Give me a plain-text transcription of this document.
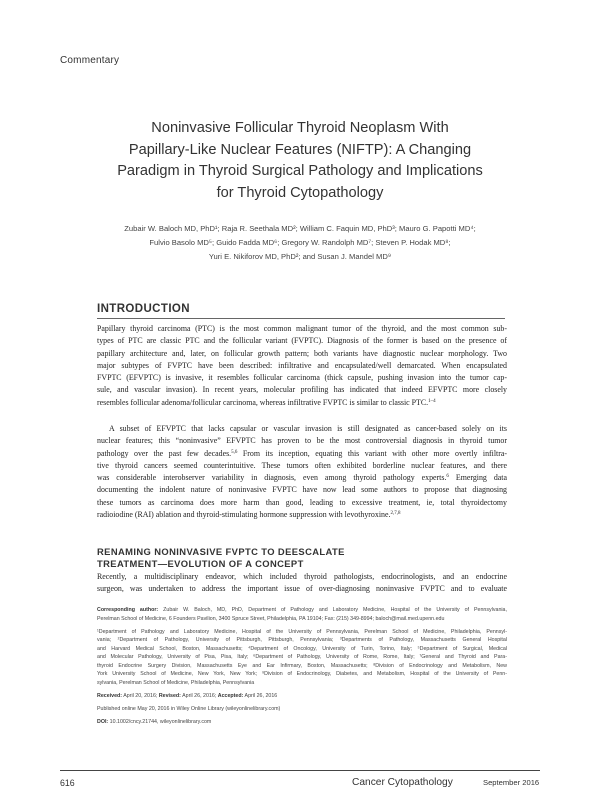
Commentary
Noninvasive Follicular Thyroid Neoplasm With
Papillary-Like Nuclear Features (NIFTP): A Changing
Paradigm in Thyroid Surgical Pathology and Implications
for Thyroid Cytopathology
Zubair W. Baloch MD, PhD¹; Raja R. Seethala MD²; William C. Faquin MD, PhD³; Mauro G. Papotti MD⁴;
Fulvio Basolo MD⁵; Guido Fadda MD⁶; Gregory W. Randolph MD⁷; Steven P. Hodak MD⁸;
Yuri E. Nikiforov MD, PhD²; and Susan J. Mandel MD⁹
INTRODUCTION
Papillary thyroid carcinoma (PTC) is the most common malignant tumor of the thyroid, and the most common sub-
types of PTC are classic PTC and the follicular variant (FVPTC). Diagnosis of the former is based on the presence of
papillary architecture and, later, on follicular growth pattern; both variants have diagnostic nuclear morphology. Two
major subtypes of FVPTC have been described: infiltrative and encapsulated/well demarcated. When encapsulated
FVPTC (EFVPTC) is invasive, it resembles follicular carcinoma (thick capsule, pushing invasion into the tumor cap-
sule, and vascular invasion). In recent years, molecular profiling has indicated that indeed EFVPTC more closely
resembles follicular adenoma/follicular carcinoma, whereas infiltrative FVPTC is similar to classic PTC.$^{1-4}$
A subset of EFVPTC that lacks capsular or vascular invasion is still designated as cancer-based solely on its
nuclear features; this “noninvasive” EFVPTC has proven to be the most controversial diagnosis in thyroid tumor
pathology over the past few decades.$^{5,6}$ From its inception, equating this variant with other more overtly infiltra-
tive thyroid cancers seemed counterintuitive. These tumors often exhibited borderline nuclear features, and there
was considerable interobserver variability in diagnosis, even among thyroid pathology experts.$^6$ Emerging data
documenting the indolent nature of noninvasive FVPTC have now lead some authors to propose that diagnosing
these tumors as carcinoma does more harm than good, leading to excessive treatment, ie, total thyroidectomy
radioiodine (RAI) ablation and thyroid-stimulating hormone suppression with levothyroxine.$^{2,7,8}$
RENAMING NONINVASIVE FVPTC TO DEESCALATE
TREATMENT—EVOLUTION OF A CONCEPT
Recently, a multidisciplinary endeavor, which included thyroid pathologists, endocrinologists, and an endocrine
surgeon, was undertaken to address the important issue of over-diagnosing noninvasive FVPTC and to evaluate
Corresponding author: Zubair W. Baloch, MD, PhD, Department of Pathology and Laboratory Medicine, Hospital of the University of Pennsylvania,
Perelman School of Medicine, 6 Founders Pavilion, 3400 Spruce Street, Philadelphia, PA 19104; Fax: (215) 349-8994; baloch@mail.med.upenn.edu
¹Department of Pathology and Laboratory Medicine, Hospital of the University of Pennsylvania, Perelman School of Medicine, Philadelphia, Pennsyl-
vania; ²Department of Pathology, University of Pittsburgh, Pittsburgh, Pennsylvania; ³Departments of Pathology, Massachusetts General Hospital
and Harvard Medical School, Boston, Massachusetts; ⁴Department of Oncology, University of Turin, Torino, Italy; ⁵Department of Surgical, Medical
and Molecular Pathology, University of Pisa, Pisa, Italy; ⁶Department of Pathology, University of Rome, Rome, Italy; ⁷General and Thyroid and Para-
thyroid Endocrine Surgery Division, Massachusetts Eye and Ear Infirmary, Boston, Massachusetts; ⁸Division of Endocrinology and Metabolism, New
York University School of Medicine, New York, New York; ⁹Division of Endocrinology, Diabetes, and Metabolism, Hospital of the University of Penn-
sylvania, Perelman School of Medicine, Philadelphia, Pennsylvania
Received: April 20, 2016; Revised: April 26, 2016; Accepted: April 26, 2016
Published online May 20, 2016 in Wiley Online Library (wileyonlinelibrary.com)
DOI: 10.1002/cncy.21744, wileyonlinelibrary.com
616	Cancer Cytopathology	September 2016
